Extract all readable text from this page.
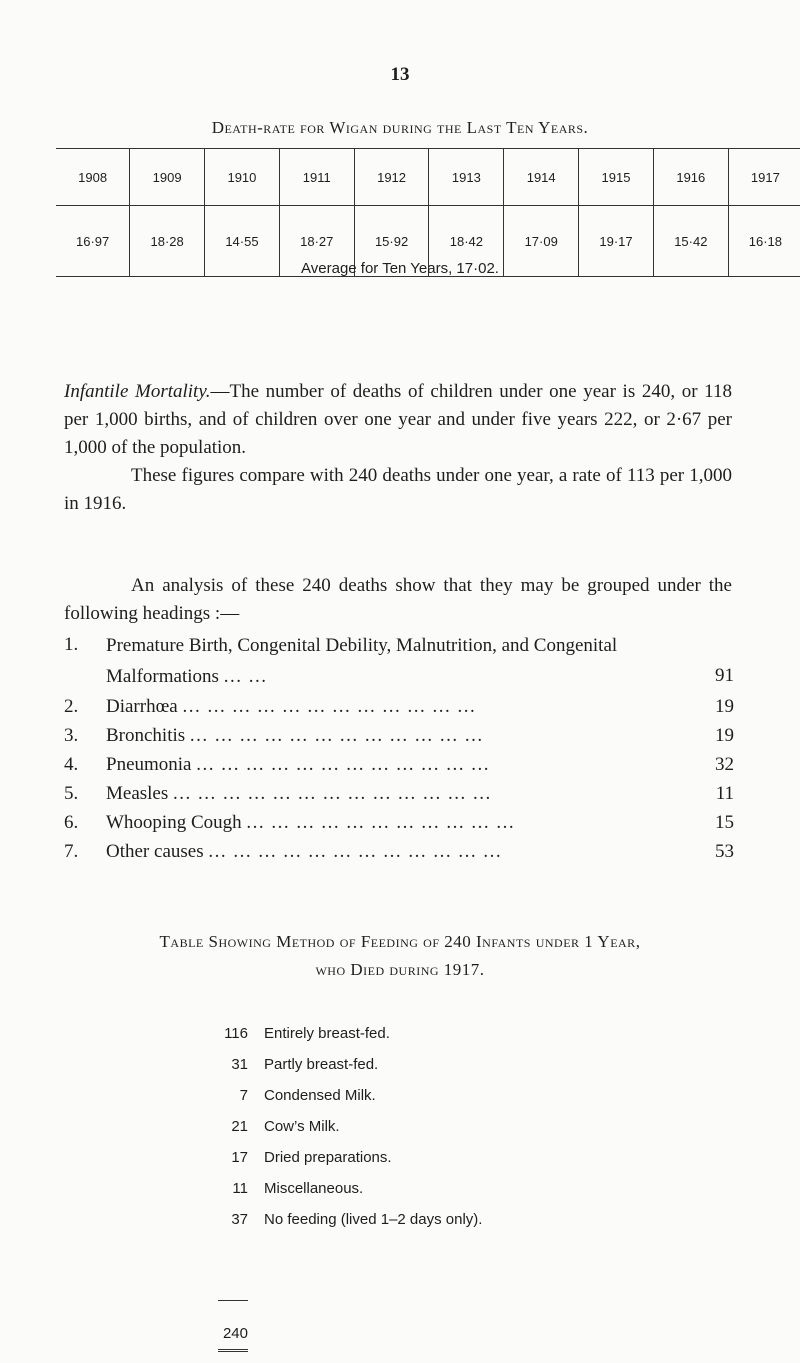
13
Death-rate for Wigan during the Last Ten Years.
1908	1909	1910	1911	1912	1913	1914	1915	1916	1917
16·97	18·28	14·55	18·27	15·92	18·42	17·09	19·17	15·42	16·18
Average for Ten Years, 17·02.
Infantile Mortality.—The number of deaths of children under one year is 240, or 118 per 1,000 births, and of children over one year and under five years 222, or 2·67 per 1,000 of the population.
These figures compare with 240 deaths under one year, a rate of 113 per 1,000 in 1916.
An analysis of these 240 deaths show that they may be grouped under the following headings :—
1.	Premature Birth, Congenital Debility, Malnutrition, and Congenital Malformations ... ...	91
2.	Diarrhœa ... ... ... ... ... ... ... ... ... ... ... ...	19
3.	Bronchitis ... ... ... ... ... ... ... ... ... ... ... ...	19
4.	Pneumonia ... ... ... ... ... ... ... ... ... ... ... ...	32
5.	Measles ... ... ... ... ... ... ... ... ... ... ... ... ...	11
6.	Whooping Cough ... ... ... ... ... ... ... ... ... ... ...	15
7.	Other causes ... ... ... ... ... ... ... ... ... ... ... ...	53
Table Showing Method of Feeding of 240 Infants under 1 Year,
who Died during 1917.
116 Entirely breast-fed.
31 Partly breast-fed.
7 Condensed Milk.
21 Cow’s Milk.
17 Dried preparations.
11 Miscellaneous.
37 No feeding (lived 1–2 days only).
240
